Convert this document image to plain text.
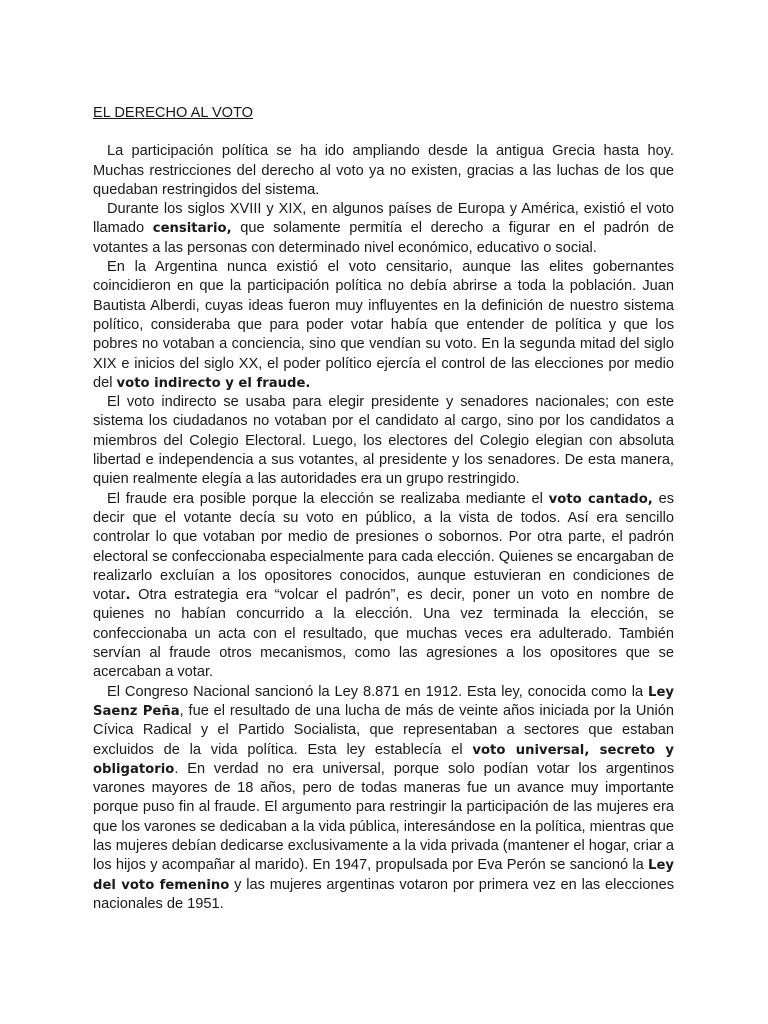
EL DERECHO AL VOTO

La participación política se ha ido ampliando desde la antigua Grecia hasta hoy. Muchas restricciones del derecho al voto ya no existen, gracias a las luchas de los que quedaban restringidos del sistema.

Durante los siglos XVIII y XIX, en algunos países de Europa y América, existió el voto llamado censitario, que solamente permitía el derecho a figurar en el padrón de votantes a las personas con determinado nivel económico, educativo o social.

En la Argentina nunca existió el voto censitario, aunque las elites gobernantes coincidieron en que la participación política no debía abrirse a toda la población. Juan Bautista Alberdi, cuyas ideas fueron muy influyentes en la definición de nuestro sistema político, consideraba que para poder votar había que entender de política y que los pobres no votaban a conciencia, sino que vendían su voto. En la segunda mitad del siglo XIX e inicios del siglo XX, el poder político ejercía el control de las elecciones por medio del voto indirecto y el fraude.

El voto indirecto se usaba para elegir presidente y senadores nacionales; con este sistema los ciudadanos no votaban por el candidato al cargo, sino por los candidatos a miembros del Colegio Electoral. Luego, los electores del Colegio elegian con absoluta libertad e independencia a sus votantes, al presidente y los senadores. De esta manera, quien realmente elegía a las autoridades era un grupo restringido.

El fraude era posible porque la elección se realizaba mediante el voto cantado, es decir que el votante decía su voto en público, a la vista de todos. Así era sencillo controlar lo que votaban por medio de presiones o sobornos. Por otra parte, el padrón electoral se confeccionaba especialmente para cada elección. Quienes se encargaban de realizarlo excluían a los opositores conocidos, aunque estuvieran en condiciones de votar. Otra estrategia era “volcar el padrón”, es decir, poner un voto en nombre de quienes no habían concurrido a la elección. Una vez terminada la elección, se confeccionaba un acta con el resultado, que muchas veces era adulterado. También servían al fraude otros mecanismos, como las agresiones a los opositores que se acercaban a votar.

El Congreso Nacional sancionó la Ley 8.871 en 1912. Esta ley, conocida como la Ley Saenz Peña, fue el resultado de una lucha de más de veinte años iniciada por la Unión Cívica Radical y el Partido Socialista, que representaban a sectores que estaban excluidos de la vida política. Esta ley establecía el voto universal, secreto y obligatorio. En verdad no era universal, porque solo podían votar los argentinos varones mayores de 18 años, pero de todas maneras fue un avance muy importante porque puso fin al fraude. El argumento para restringir la participación de las mujeres era que los varones se dedicaban a la vida pública, interesándose en la política, mientras que las mujeres debían dedicarse exclusivamente a la vida privada (mantener el hogar, criar a los hijos y acompañar al marido). En 1947, propulsada por Eva Perón se sancionó la Ley del voto femenino y las mujeres argentinas votaron por primera vez en las elecciones nacionales de 1951.
